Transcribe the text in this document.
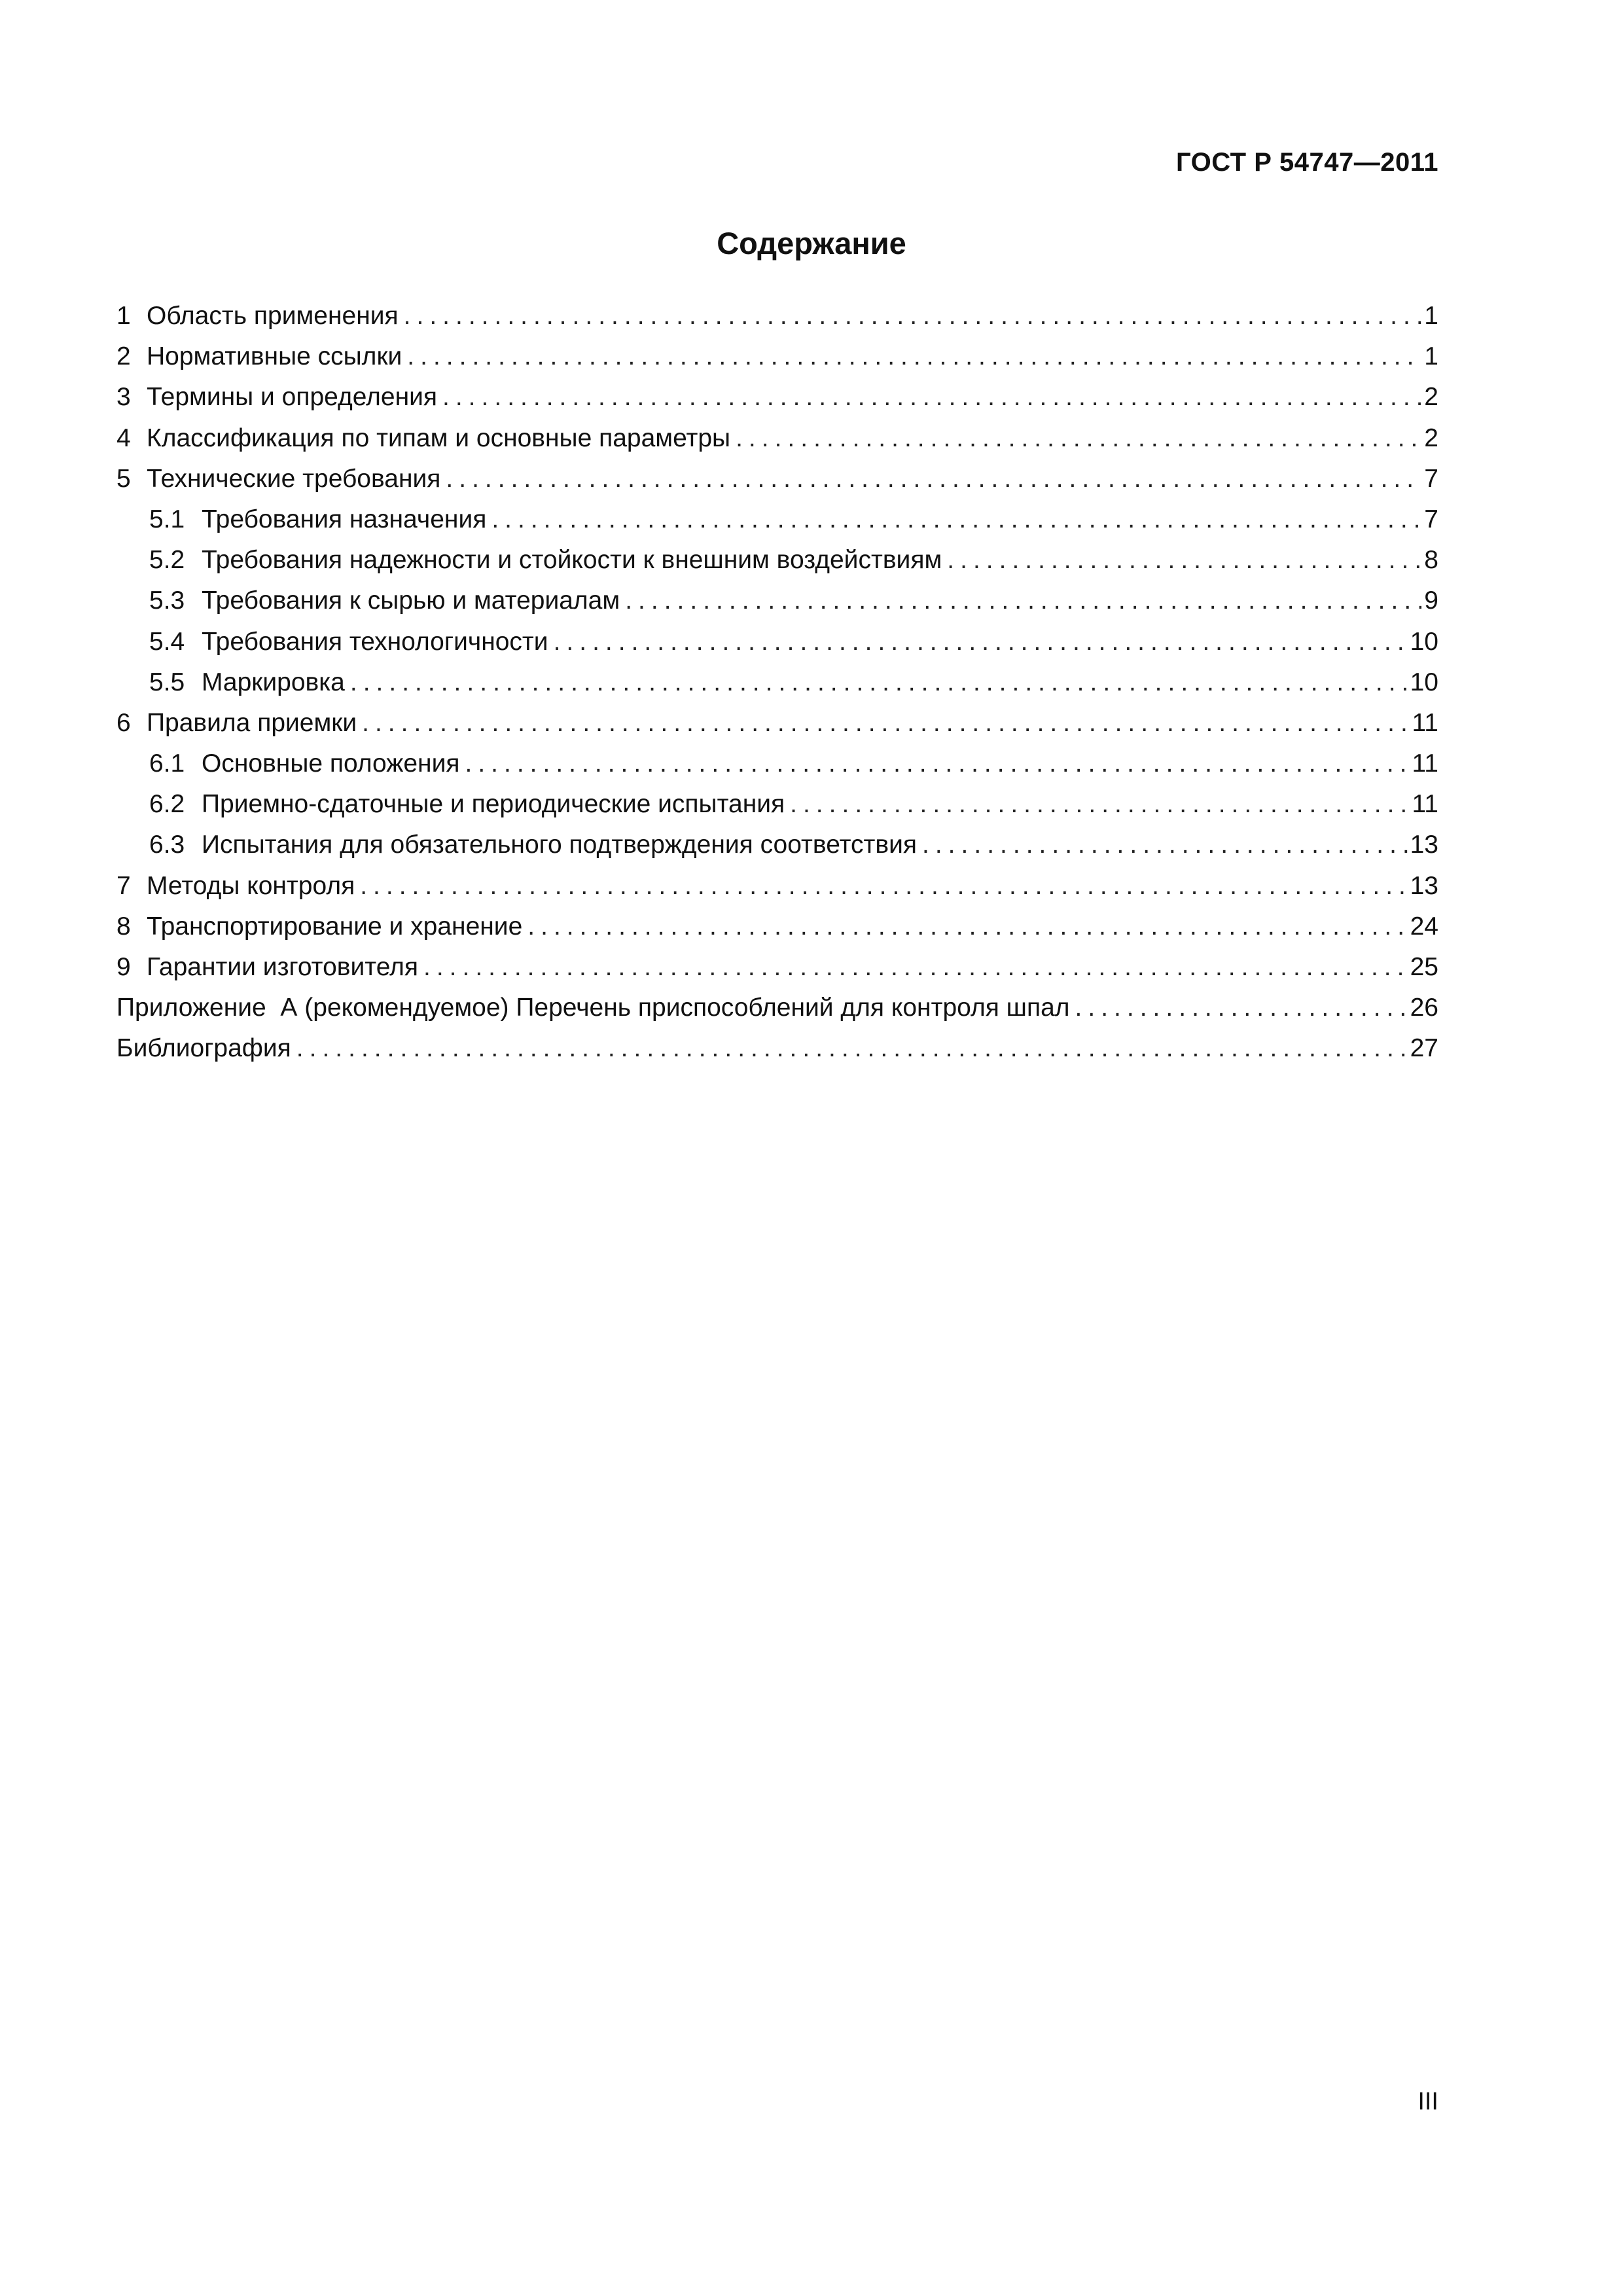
ГОСТ Р 54747—2011
Содержание
1 Область применения .....	1
2 Нормативные ссылки .....	1
3 Термины и определения .....	2
4 Классификация по типам и основные параметры .....	2
5 Технические требования .....	7
5.1 Требования назначения .....	7
5.2 Требования надежности и стойкости к внешним воздействиям .....	8
5.3 Требования к сырью и материалам .....	9
5.4 Требования технологичности .....	10
5.5 Маркировка .....	10
6 Правила приемки .....	11
6.1 Основные положения .....	11
6.2 Приемно-сдаточные и периодические испытания .....	11
6.3 Испытания для обязательного подтверждения соответствия .....	13
7 Методы контроля .....	13
8 Транспортирование и хранение .....	24
9 Гарантии изготовителя .....	25
Приложение  А (рекомендуемое) Перечень приспособлений для контроля шпал .....	26
Библиография .....	27
III
